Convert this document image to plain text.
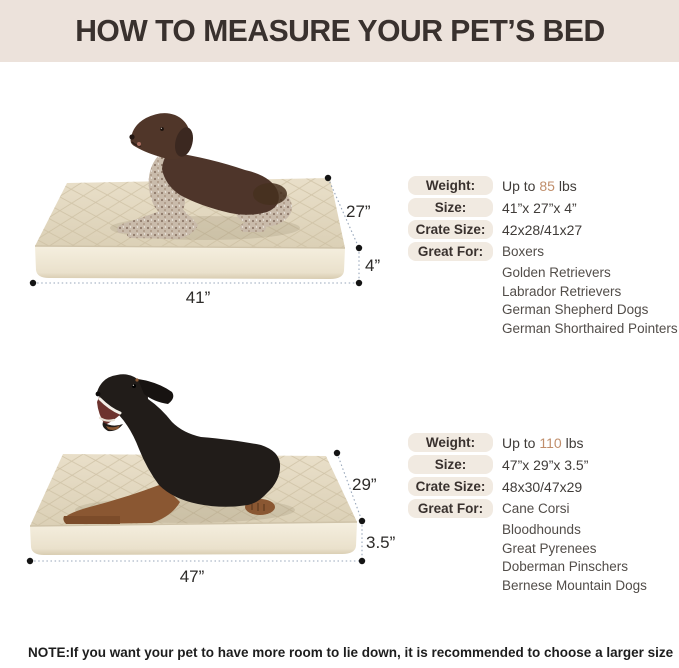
HOW TO MEASURE YOUR PET’S BED
27”
4”
41”
Weight:	Up to 85 lbs
Size:	41”x 27”x 4”
Crate Size:	42x28/41x27
Great For:	Boxers
Golden Retrievers
Labrador Retrievers
German Shepherd Dogs
German Shorthaired Pointers
29”
3.5”
47”
Weight:	Up to 110 lbs
Size:	47”x 29”x 3.5”
Crate Size:	48x30/47x29
Great For:	Cane Corsi
Bloodhounds
Great Pyrenees
Doberman Pinschers
Bernese Mountain Dogs

NOTE:If you want your pet to have more room to lie down, it is recommended to choose a larger size
